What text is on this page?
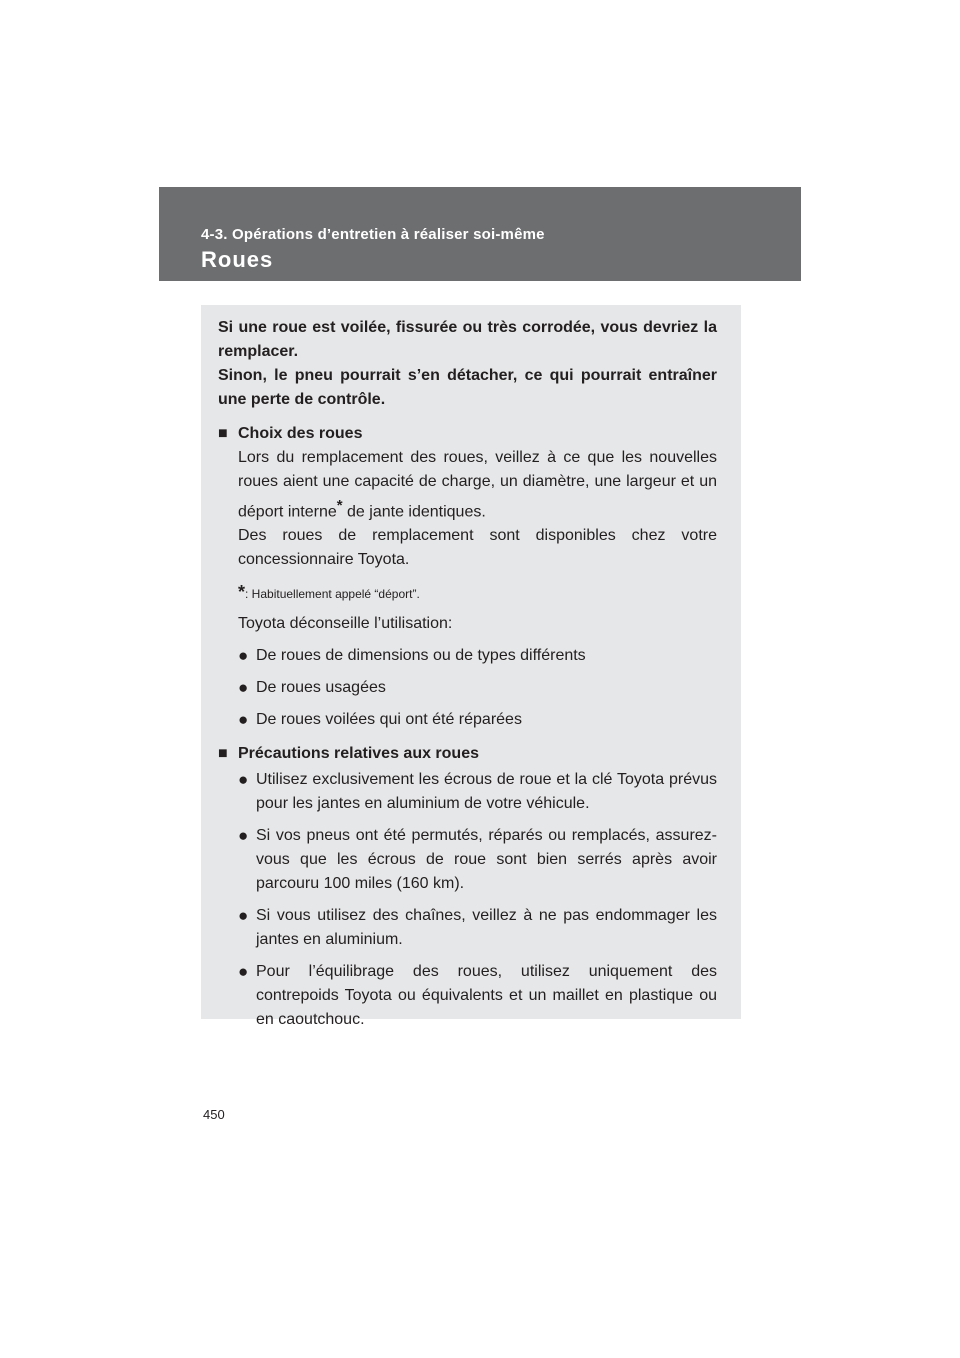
4-3. Opérations d’entretien à réaliser soi-même
Roues

Si une roue est voilée, fissurée ou très corrodée, vous devriez la remplacer.

Sinon, le pneu pourrait s’en détacher, ce qui pourrait entraîner une perte de contrôle.

■ Choix des roues

Lors du remplacement des roues, veillez à ce que les nouvelles roues aient une capacité de charge, un diamètre, une largeur et un déport interne* de jante identiques.

Des roues de remplacement sont disponibles chez votre concessionnaire Toyota.

*: Habituellement appelé “déport”.
Toyota déconseille l’utilisation:
● De roues de dimensions ou de types différents
● De roues usagées
● De roues voilées qui ont été réparées
■ Précautions relatives aux roues
● Utilisez exclusivement les écrous de roue et la clé Toyota prévus pour les jantes en aluminium de votre véhicule.
● Si vos pneus ont été permutés, réparés ou remplacés, assurez-vous que les écrous de roue sont bien serrés après avoir parcouru 100 miles (160 km).
● Si vous utilisez des chaînes, veillez à ne pas endommager les jantes en aluminium.
● Pour l’équilibrage des roues, utilisez uniquement des contrepoids Toyota ou équivalents et un maillet en plastique ou en caoutchouc.
450
